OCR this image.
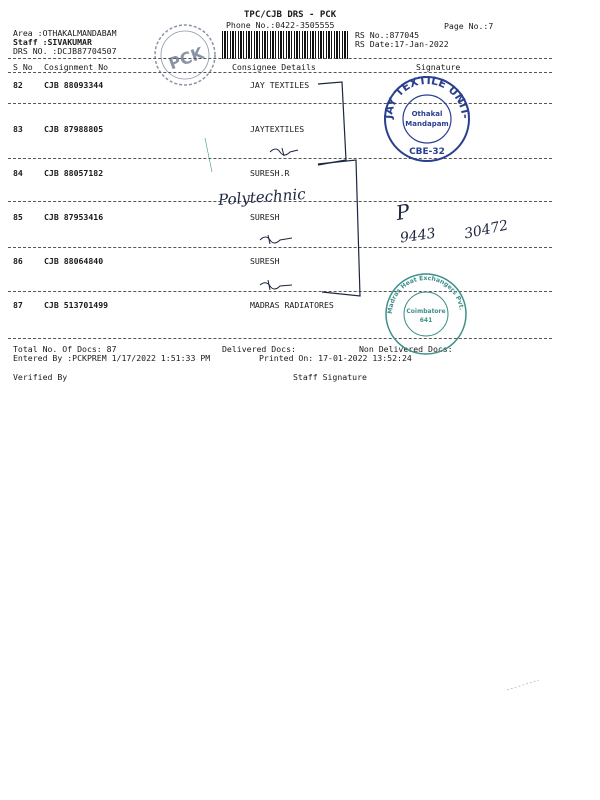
TPC/CJB DRS - PCK
Phone No.:0422-3505555	Page No.:7
Area :OTHAKALMANDABAM
Staff :SIVAKUMAR
DRS NO. :DCJB87704507
RS No.:877045
RS Date:17-Jan-2022
PCK
S No Cosignment No	Consignee Details	Signature
82	CJB 88093344	JAY TEXTILES
83	CJB 87988805	JAYTEXTILES
84	CJB 88057182	SURESH.R
85	CJB 87953416	SURESH
86	CJB 88064840	SURESH
87	CJB 513701499	MADRAS RADIATORES
Total No. Of Docs: 87	Delivered Docs:	Non Delivered Docs:
Entered By :PCKPREM 1/17/2022 1:51:33 PM	Printed On: 17-01-2022 13:52:24
Verified By	Staff Signature
Polytechnic
P
9443 30472
JAY TEXTILE UNIT-II
Othakal
Mandapam
CBE-32
Madras Heat Exchangers Pvt. Ltd.
Coimbatore
641
